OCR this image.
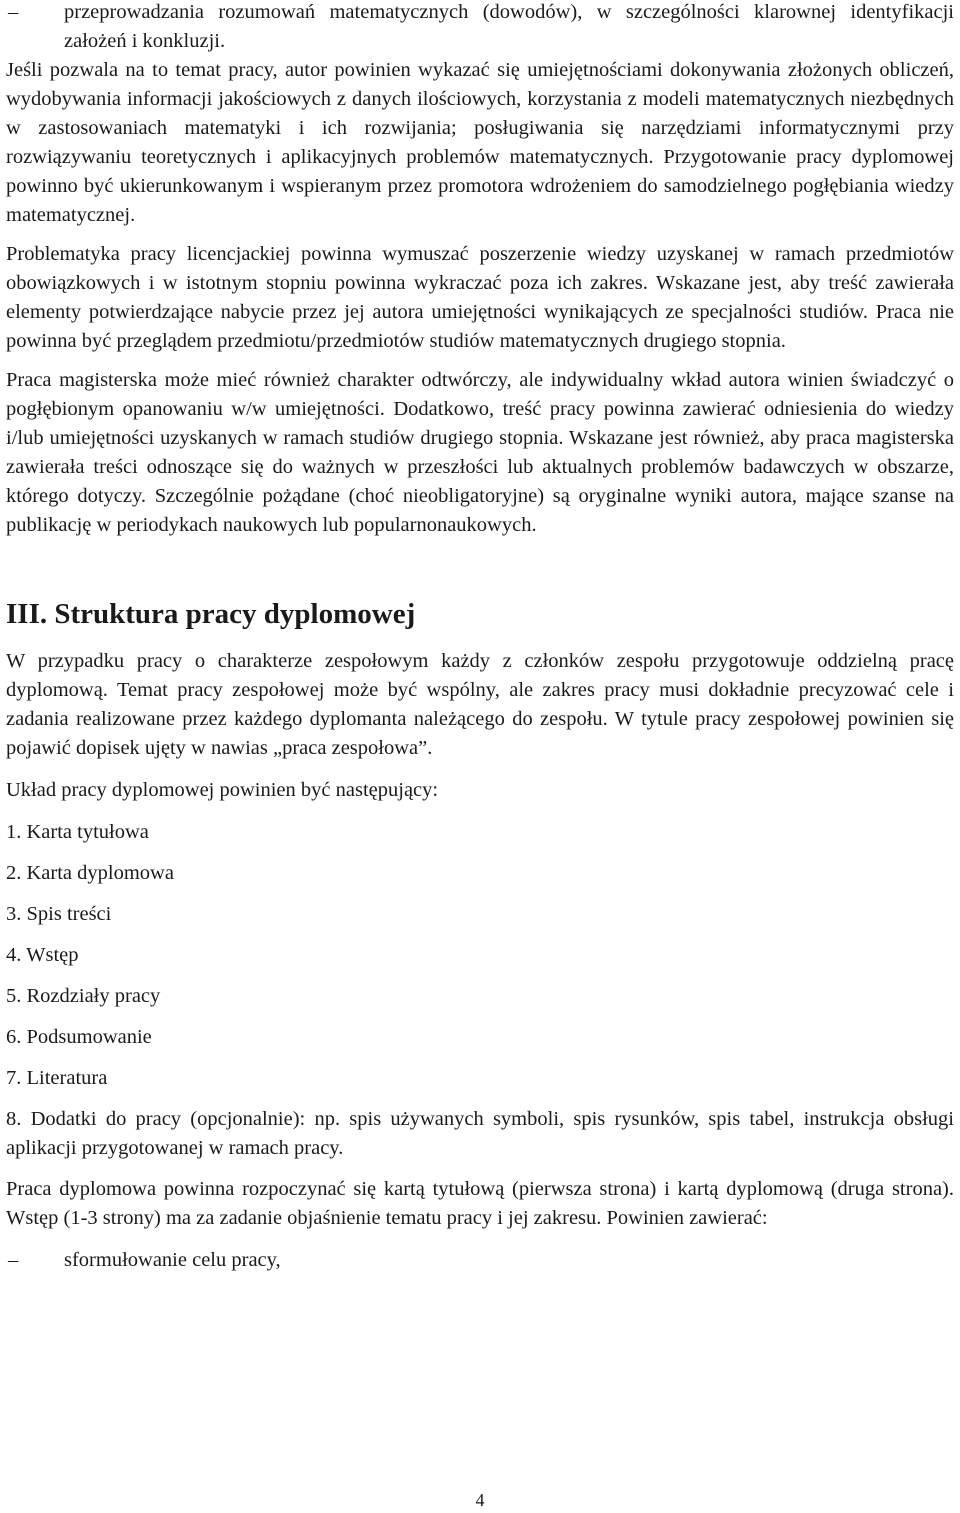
–	przeprowadzania rozumowań matematycznych (dowodów), w szczególności klarownej identyfikacji założeń i konkluzji.

Jeśli pozwala na to temat pracy, autor powinien wykazać się umiejętnościami dokonywania złożonych obliczeń, wydobywania informacji jakościowych z danych ilościowych, korzystania z modeli matematycznych niezbędnych w zastosowaniach matematyki i ich rozwijania; posługiwania się narzędziami informatycznymi przy rozwiązywaniu teoretycznych i aplikacyjnych problemów matematycznych. Przygotowanie pracy dyplomowej powinno być ukierunkowanym i wspieranym przez promotora wdrożeniem do samodzielnego pogłębiania wiedzy matematycznej.

Problematyka pracy licencjackiej powinna wymuszać poszerzenie wiedzy uzyskanej w ramach przedmiotów obowiązkowych i w istotnym stopniu powinna wykraczać poza ich zakres. Wskazane jest, aby treść zawierała elementy potwierdzające nabycie przez jej autora umiejętności wynikających ze specjalności studiów. Praca nie powinna być przeglądem przedmiotu/przedmiotów studiów matematycznych drugiego stopnia.

Praca magisterska może mieć również charakter odtwórczy, ale indywidualny wkład autora winien świadczyć o pogłębionym opanowaniu w/w umiejętności. Dodatkowo, treść pracy powinna zawierać odniesienia do wiedzy i/lub umiejętności uzyskanych w ramach studiów drugiego stopnia. Wskazane jest również, aby praca magisterska zawierała treści odnoszące się do ważnych w przeszłości lub aktualnych problemów badawczych w obszarze, którego dotyczy. Szczególnie pożądane (choć nieobligatoryjne) są oryginalne wyniki autora, mające szanse na publikację w periodykach naukowych lub popularnonaukowych.

III. Struktura pracy dyplomowej

W przypadku pracy o charakterze zespołowym każdy z członków zespołu przygotowuje oddzielną pracę dyplomową. Temat pracy zespołowej może być wspólny, ale zakres pracy musi dokładnie precyzować cele i zadania realizowane przez każdego dyplomanta należącego do zespołu. W tytule pracy zespołowej powinien się pojawić dopisek ujęty w nawias „praca zespołowa”.

Układ pracy dyplomowej powinien być następujący:

1. Karta tytułowa

2. Karta dyplomowa

3. Spis treści

4. Wstęp

5. Rozdziały pracy

6. Podsumowanie

7. Literatura

8. Dodatki do pracy (opcjonalnie): np. spis używanych symboli, spis rysunków, spis tabel, instrukcja obsługi aplikacji przygotowanej w ramach pracy.

Praca dyplomowa powinna rozpoczynać się kartą tytułową (pierwsza strona) i kartą dyplomową (druga strona). Wstęp (1-3 strony) ma za zadanie objaśnienie tematu pracy i jej zakresu. Powinien zawierać:

–	sformułowanie celu pracy,

4
